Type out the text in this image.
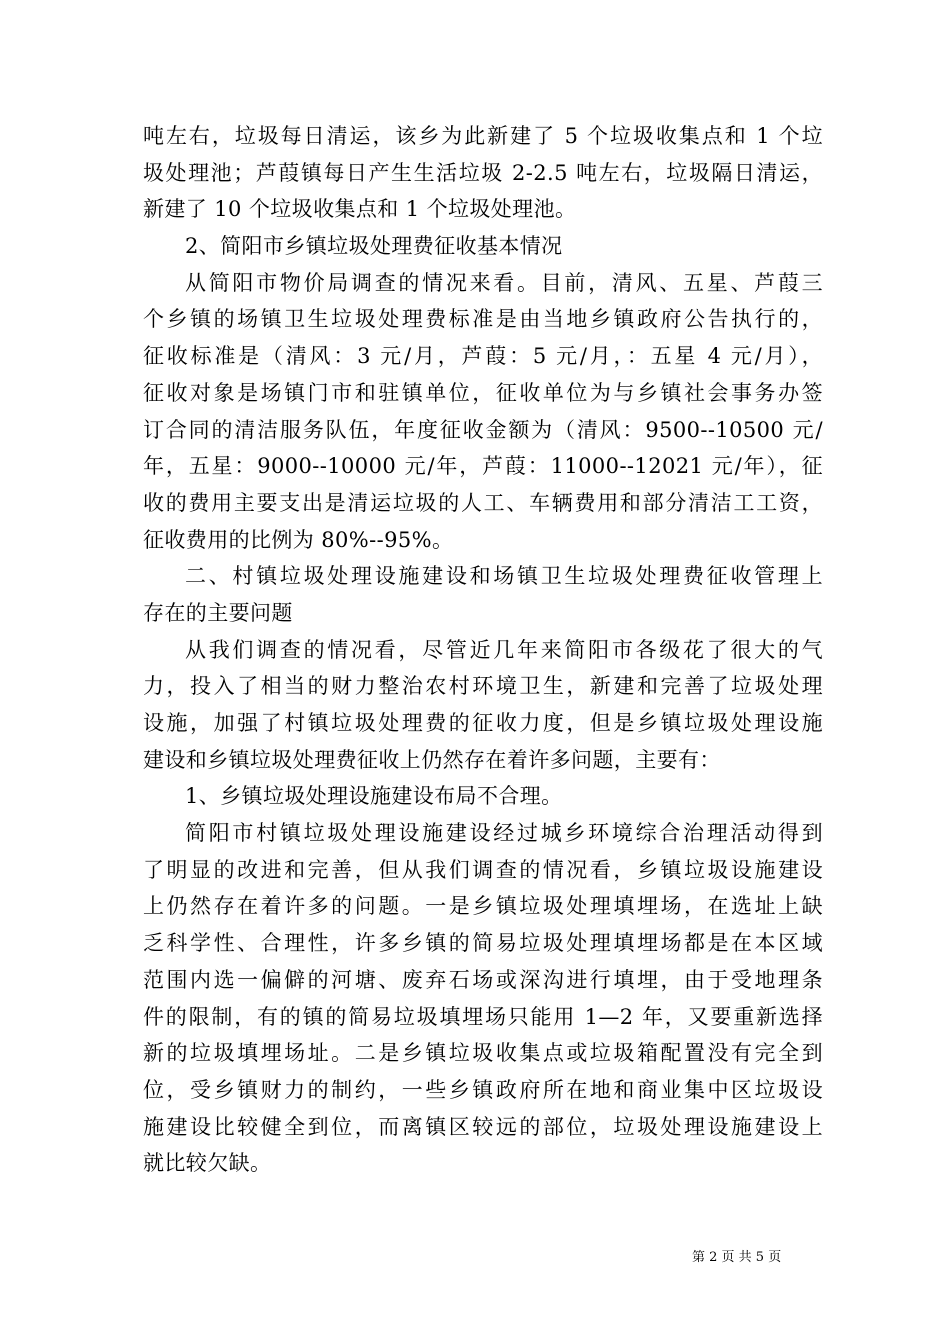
吨左右，垃圾每日清运，该乡为此新建了 5 个垃圾收集点和 1 个垃
圾处理池；芦葭镇每日产生生活垃圾 2-2.5 吨左右，垃圾隔日清运，
新建了 10 个垃圾收集点和 1 个垃圾处理池。
2、简阳市乡镇垃圾处理费征收基本情况
从简阳市物价局调查的情况来看。目前，清风、五星、芦葭三
个乡镇的场镇卫生垃圾处理费标准是由当地乡镇政府公告执行的，
征收标准是（清风：3 元/月，芦葭：5 元/月，：五星 4 元/月），
征收对象是场镇门市和驻镇单位，征收单位为与乡镇社会事务办签
订合同的清洁服务队伍，年度征收金额为（清风：9500--10500 元/
年，五星：9000--10000 元/年，芦葭：11000--12021 元/年），征
收的费用主要支出是清运垃圾的人工、车辆费用和部分清洁工工资，
征收费用的比例为 80%--95%。
二、村镇垃圾处理设施建设和场镇卫生垃圾处理费征收管理上
存在的主要问题
从我们调查的情况看，尽管近几年来简阳市各级花了很大的气
力，投入了相当的财力整治农村环境卫生，新建和完善了垃圾处理
设施，加强了村镇垃圾处理费的征收力度，但是乡镇垃圾处理设施
建设和乡镇垃圾处理费征收上仍然存在着许多问题，主要有：
1、乡镇垃圾处理设施建设布局不合理。
简阳市村镇垃圾处理设施建设经过城乡环境综合治理活动得到
了明显的改进和完善，但从我们调查的情况看，乡镇垃圾设施建设
上仍然存在着许多的问题。一是乡镇垃圾处理填埋场，在选址上缺
乏科学性、合理性，许多乡镇的简易垃圾处理填埋场都是在本区域
范围内选一偏僻的河塘、废弃石场或深沟进行填埋，由于受地理条
件的限制，有的镇的简易垃圾填埋场只能用 1—2 年，又要重新选择
新的垃圾填埋场址。二是乡镇垃圾收集点或垃圾箱配置没有完全到
位，受乡镇财力的制约，一些乡镇政府所在地和商业集中区垃圾设
施建设比较健全到位，而离镇区较远的部位，垃圾处理设施建设上
就比较欠缺。
第 2 页 共 5 页
